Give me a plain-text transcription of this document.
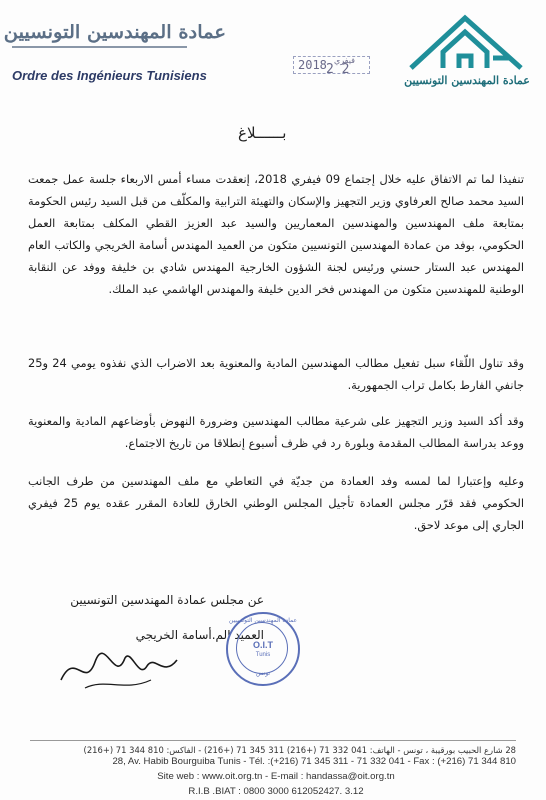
عمادة المهندسين التونسيين
Ordre des Ingénieurs Tunisiens
2018 فيفري
2 2
عمادة المهندسين التونسيين
بــــــلاغ
تنفيذا لما تم الاتفاق عليه خلال إجتماع 09 فيفري 2018، إنعقدت مساء أمس الاربعاء جلسة عمل جمعت السيد محمد صالح العرفاوي وزير التجهيز والإسكان والتهيئة الترابية والمكلّف من قبل السيد رئيس الحكومة بمتابعة ملف المهندسين والمهندسين المعماريين والسيد عبد العزيز القطي المكلف بمتابعة العمل الحكومي، بوفد من عمادة المهندسين التونسيين متكون من العميد المهندس أسامة الخريجي والكاتب العام المهندس عبد الستار حسني ورئيس لجنة الشؤون الخارجية المهندس شادي بن خليفة ووفد عن النقابة الوطنية للمهندسين متكون من المهندس فخر الدين خليفة والمهندس الهاشمي عبد الملك.
وقد تناول اللّقاء سبل تفعيل مطالب المهندسين المادية والمعنوية بعد الاضراب الذي نفذوه يومي 24 و25 جانفي الفارط بكامل تراب الجمهورية.
وقد أكد السيد وزير التجهيز على شرعية مطالب المهندسين وضرورة النهوض بأوضاعهم المادية والمعنوية ووعد بدراسة المطالب المقدمة وبلورة رد في ظرف أسبوع إنطلاقا من تاريخ الاجتماع.
وعليه وإعتبارا لما لمسه وفد العمادة من جديّة في التعاطي مع ملف المهندسين من طرف الجانب الحكومي فقد قرّر مجلس العمادة تأجيل المجلس الوطني الخارق للعادة المقرر عقده يوم 25 فيفري الجاري إلى موعد لاحق.
عن مجلس عمادة المهندسين التونسيين
العميد الم.أسامة الخريجي
عمادة المهندسين التونسيين
O.I.T
Tunis
تونس
28 شارع الحبيب بورقيبة ، تونس - الهاتف: 041 332 71 (+216) 311 345 71 (+216) - الفاكس: 810 344 71 (+216)
28, Av. Habib Bourguiba Tunis - Tél. :(+216) 71 345 311 - 71 332 041 - Fax : (+216) 71 344 810
Site web : www.oit.org.tn - E-mail : handassa@oit.org.tn
R.I.B .BIAT : 0800 3000 612052427. 3.12
